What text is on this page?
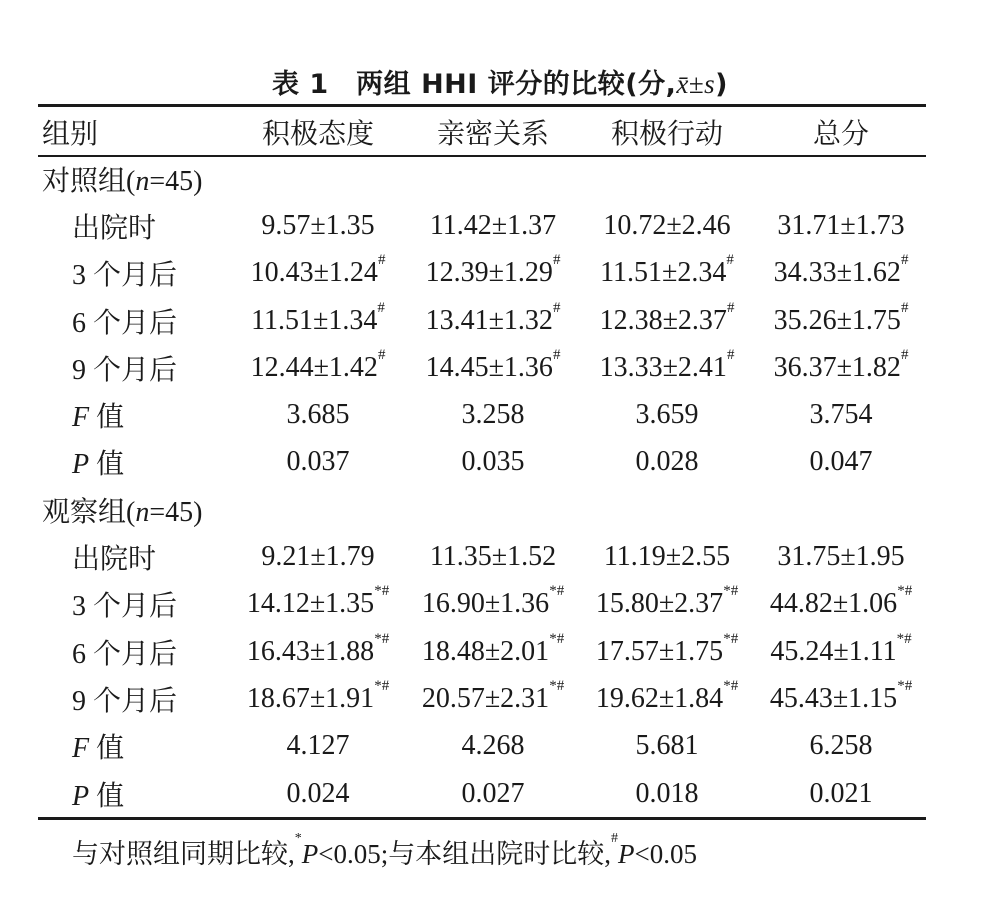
表 1　两组 HHI 评分的比较(分,x̄±s)
组别	积极态度	亲密关系	积极行动	总分
对照组(n=45)				
出院时	9.57±1.35	11.42±1.37	10.72±2.46	31.71±1.73
3 个月后	10.43±1.24#	12.39±1.29#	11.51±2.34#	34.33±1.62#
6 个月后	11.51±1.34#	13.41±1.32#	12.38±2.37#	35.26±1.75#
9 个月后	12.44±1.42#	14.45±1.36#	13.33±2.41#	36.37±1.82#
F 值	3.685	3.258	3.659	3.754
P 值	0.037	0.035	0.028	0.047
观察组(n=45)				
出院时	9.21±1.79	11.35±1.52	11.19±2.55	31.75±1.95
3 个月后	14.12±1.35*#	16.90±1.36*#	15.80±2.37*#	44.82±1.06*#
6 个月后	16.43±1.88*#	18.48±2.01*#	17.57±1.75*#	45.24±1.11*#
9 个月后	18.67±1.91*#	20.57±2.31*#	19.62±1.84*#	45.43±1.15*#
F 值	4.127	4.268	5.681	6.258
P 值	0.024	0.027	0.018	0.021
与对照组同期比较,*P<0.05;与本组出院时比较,#P<0.05
